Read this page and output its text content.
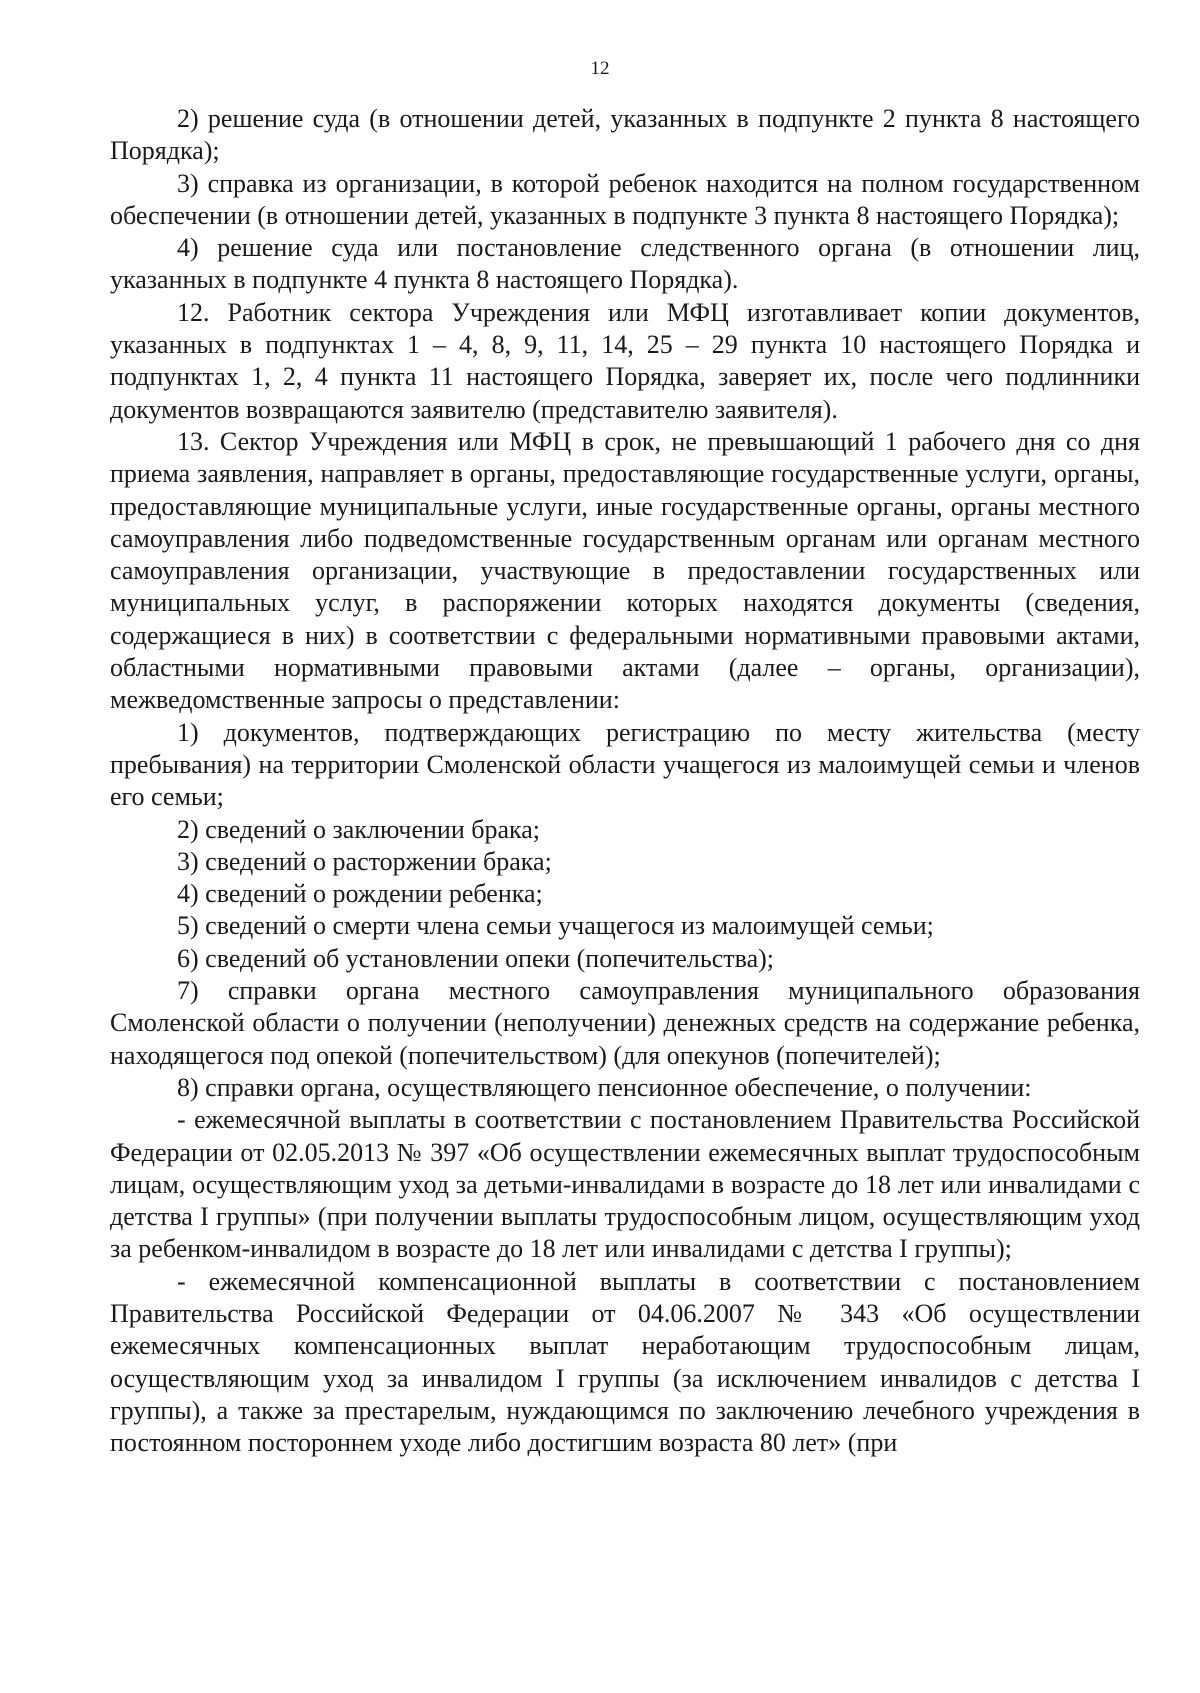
12

2) решение суда (в отношении детей, указанных в подпункте 2 пункта 8 настоящего Порядка);

3) справка из организации, в которой ребенок находится на полном государственном обеспечении (в отношении детей, указанных в подпункте 3 пункта 8 настоящего Порядка);

4) решение суда или постановление следственного органа (в отношении лиц, указанных в подпункте 4 пункта 8 настоящего Порядка).

12. Работник сектора Учреждения или МФЦ изготавливает копии документов, указанных в подпунктах 1 – 4, 8, 9, 11, 14, 25 – 29 пункта 10 настоящего Порядка и подпунктах 1, 2, 4 пункта 11 настоящего Порядка, заверяет их, после чего подлинники документов возвращаются заявителю (представителю заявителя).

13. Сектор Учреждения или МФЦ в срок, не превышающий 1 рабочего дня со дня приема заявления, направляет в органы, предоставляющие государственные услуги, органы, предоставляющие муниципальные услуги, иные государственные органы, органы местного самоуправления либо подведомственные государственным органам или органам местного самоуправления организации, участвующие в предоставлении государственных или муниципальных услуг, в распоряжении которых находятся документы (сведения, содержащиеся в них) в соответствии с федеральными нормативными правовыми актами, областными нормативными правовыми актами (далее – органы, организации), межведомственные запросы о представлении:

1) документов, подтверждающих регистрацию по месту жительства (месту пребывания) на территории Смоленской области учащегося из малоимущей семьи и членов его семьи;

2) сведений о заключении брака;

3) сведений о расторжении брака;

4) сведений о рождении ребенка;

5) сведений о смерти члена семьи учащегося из малоимущей семьи;

6) сведений об установлении опеки (попечительства);

7) справки органа местного самоуправления муниципального образования Смоленской области о получении (неполучении) денежных средств на содержание ребенка, находящегося под опекой (попечительством) (для опекунов (попечителей);

8) справки органа, осуществляющего пенсионное обеспечение, о получении:

- ежемесячной выплаты в соответствии с постановлением Правительства Российской Федерации от 02.05.2013 № 397 «Об осуществлении ежемесячных выплат трудоспособным лицам, осуществляющим уход за детьми-инвалидами в возрасте до 18 лет или инвалидами с детства I группы» (при получении выплаты трудоспособным лицом, осуществляющим уход за ребенком-инвалидом в возрасте до 18 лет или инвалидами с детства I группы);

- ежемесячной компенсационной выплаты в соответствии с постановлением Правительства Российской Федерации от 04.06.2007 № 343 «Об осуществлении ежемесячных компенсационных выплат неработающим трудоспособным лицам, осуществляющим уход за инвалидом I группы (за исключением инвалидов с детства I группы), а также за престарелым, нуждающимся по заключению лечебного учреждения в постоянном постороннем уходе либо достигшим возраста 80 лет» (при
